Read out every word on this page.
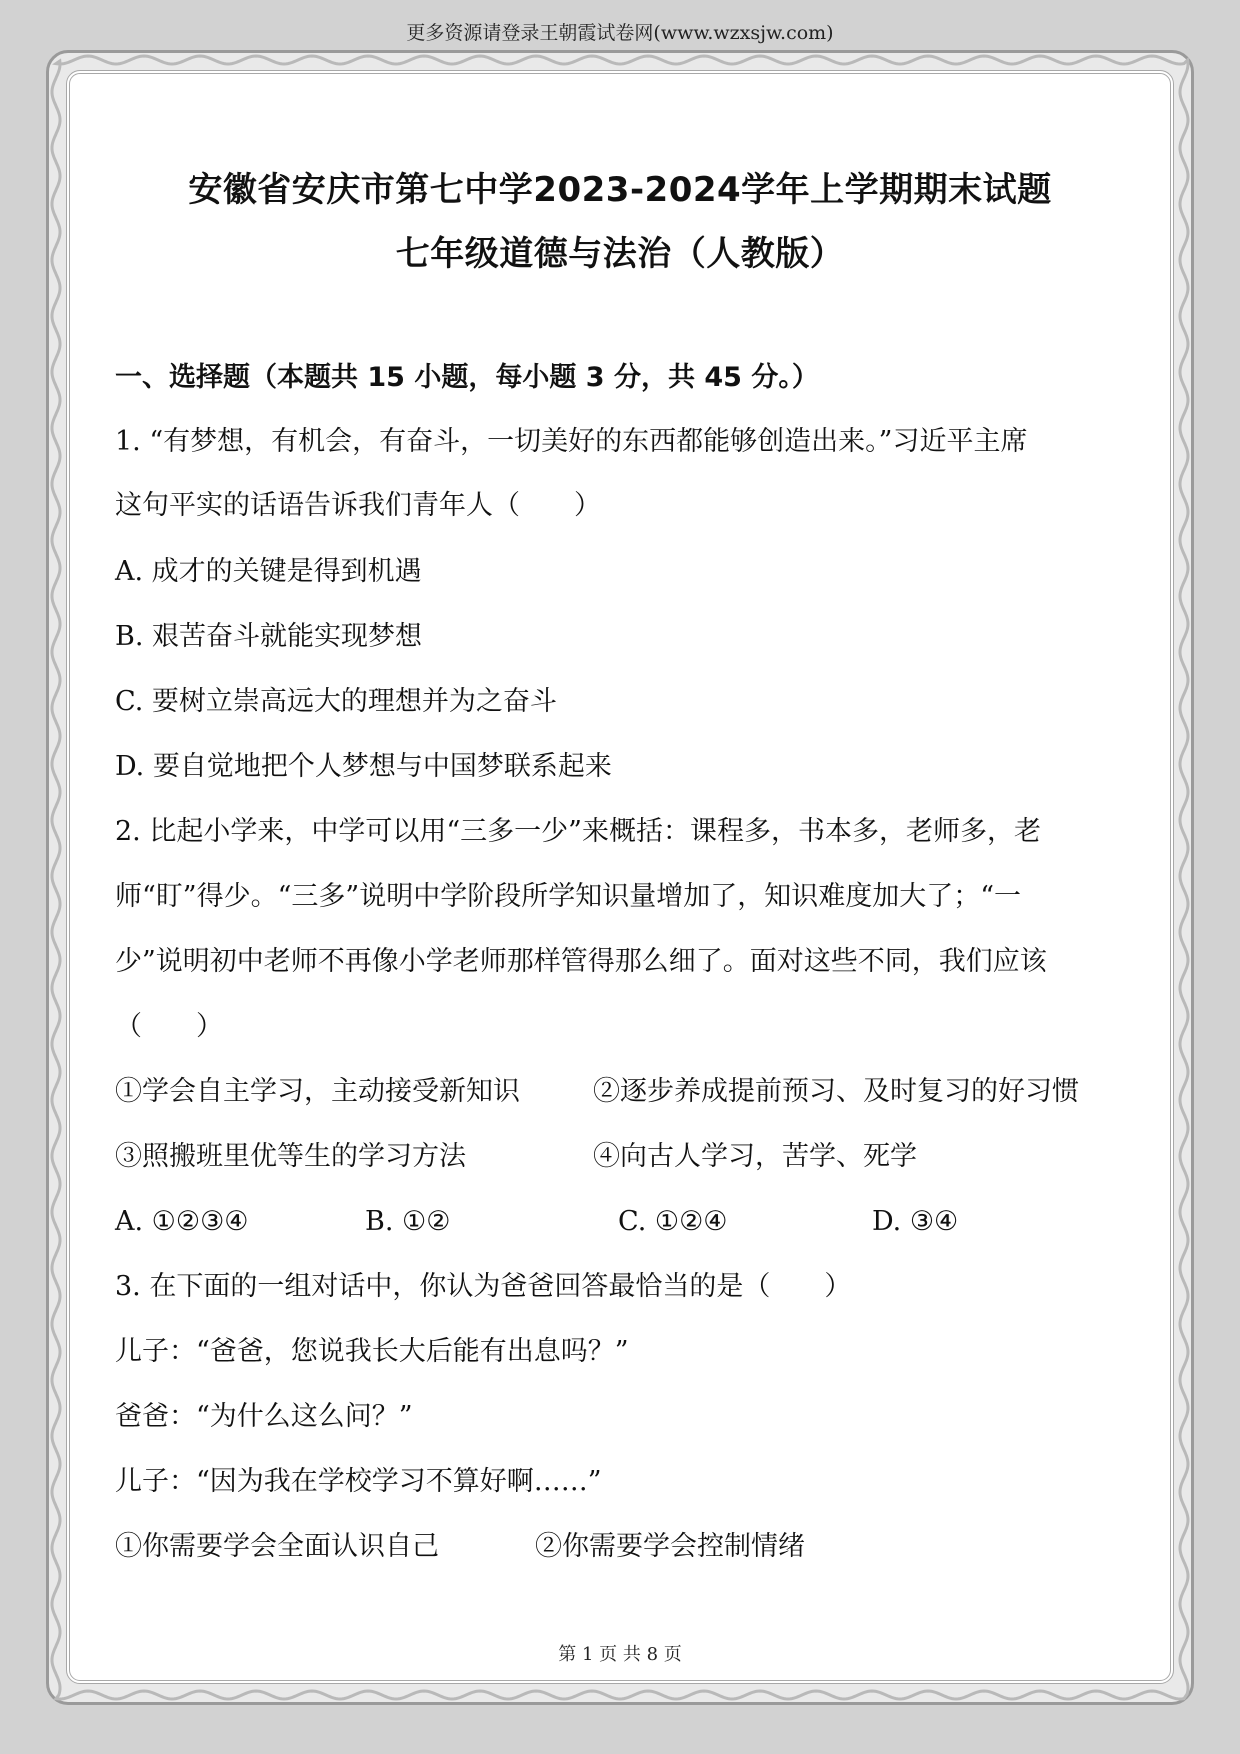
更多资源请登录王朝霞试卷网(www.wzxsjw.com)
安徽省安庆市第七中学2023-2024学年上学期期末试题
七年级道德与法治（人教版）
一、选择题（本题共 15 小题，每小题 3 分，共 45 分。）
1. “有梦想，有机会，有奋斗，一切美好的东西都能够创造出来。”习近平主席
这句平实的话语告诉我们青年人（　　）
A. 成才的关键是得到机遇
B. 艰苦奋斗就能实现梦想
C. 要树立崇高远大的理想并为之奋斗
D. 要自觉地把个人梦想与中国梦联系起来
2. 比起小学来，中学可以用“三多一少”来概括：课程多，书本多，老师多，老
师“盯”得少。“三多”说明中学阶段所学知识量增加了，知识难度加大了；“一
少”说明初中老师不再像小学老师那样管得那么细了。面对这些不同，我们应该
（　　）
①学会自主学习，主动接受新知识	②逐步养成提前预习、及时复习的好习惯
③照搬班里优等生的学习方法	④向古人学习，苦学、死学
A. ①②③④	B. ①②	C. ①②④	D. ③④
3. 在下面的一组对话中，你认为爸爸回答最恰当的是（　　）
儿子：“爸爸，您说我长大后能有出息吗？”
爸爸：“为什么这么问？”
儿子：“因为我在学校学习不算好啊……”
①你需要学会全面认识自己	②你需要学会控制情绪
第 1 页 共 8 页
